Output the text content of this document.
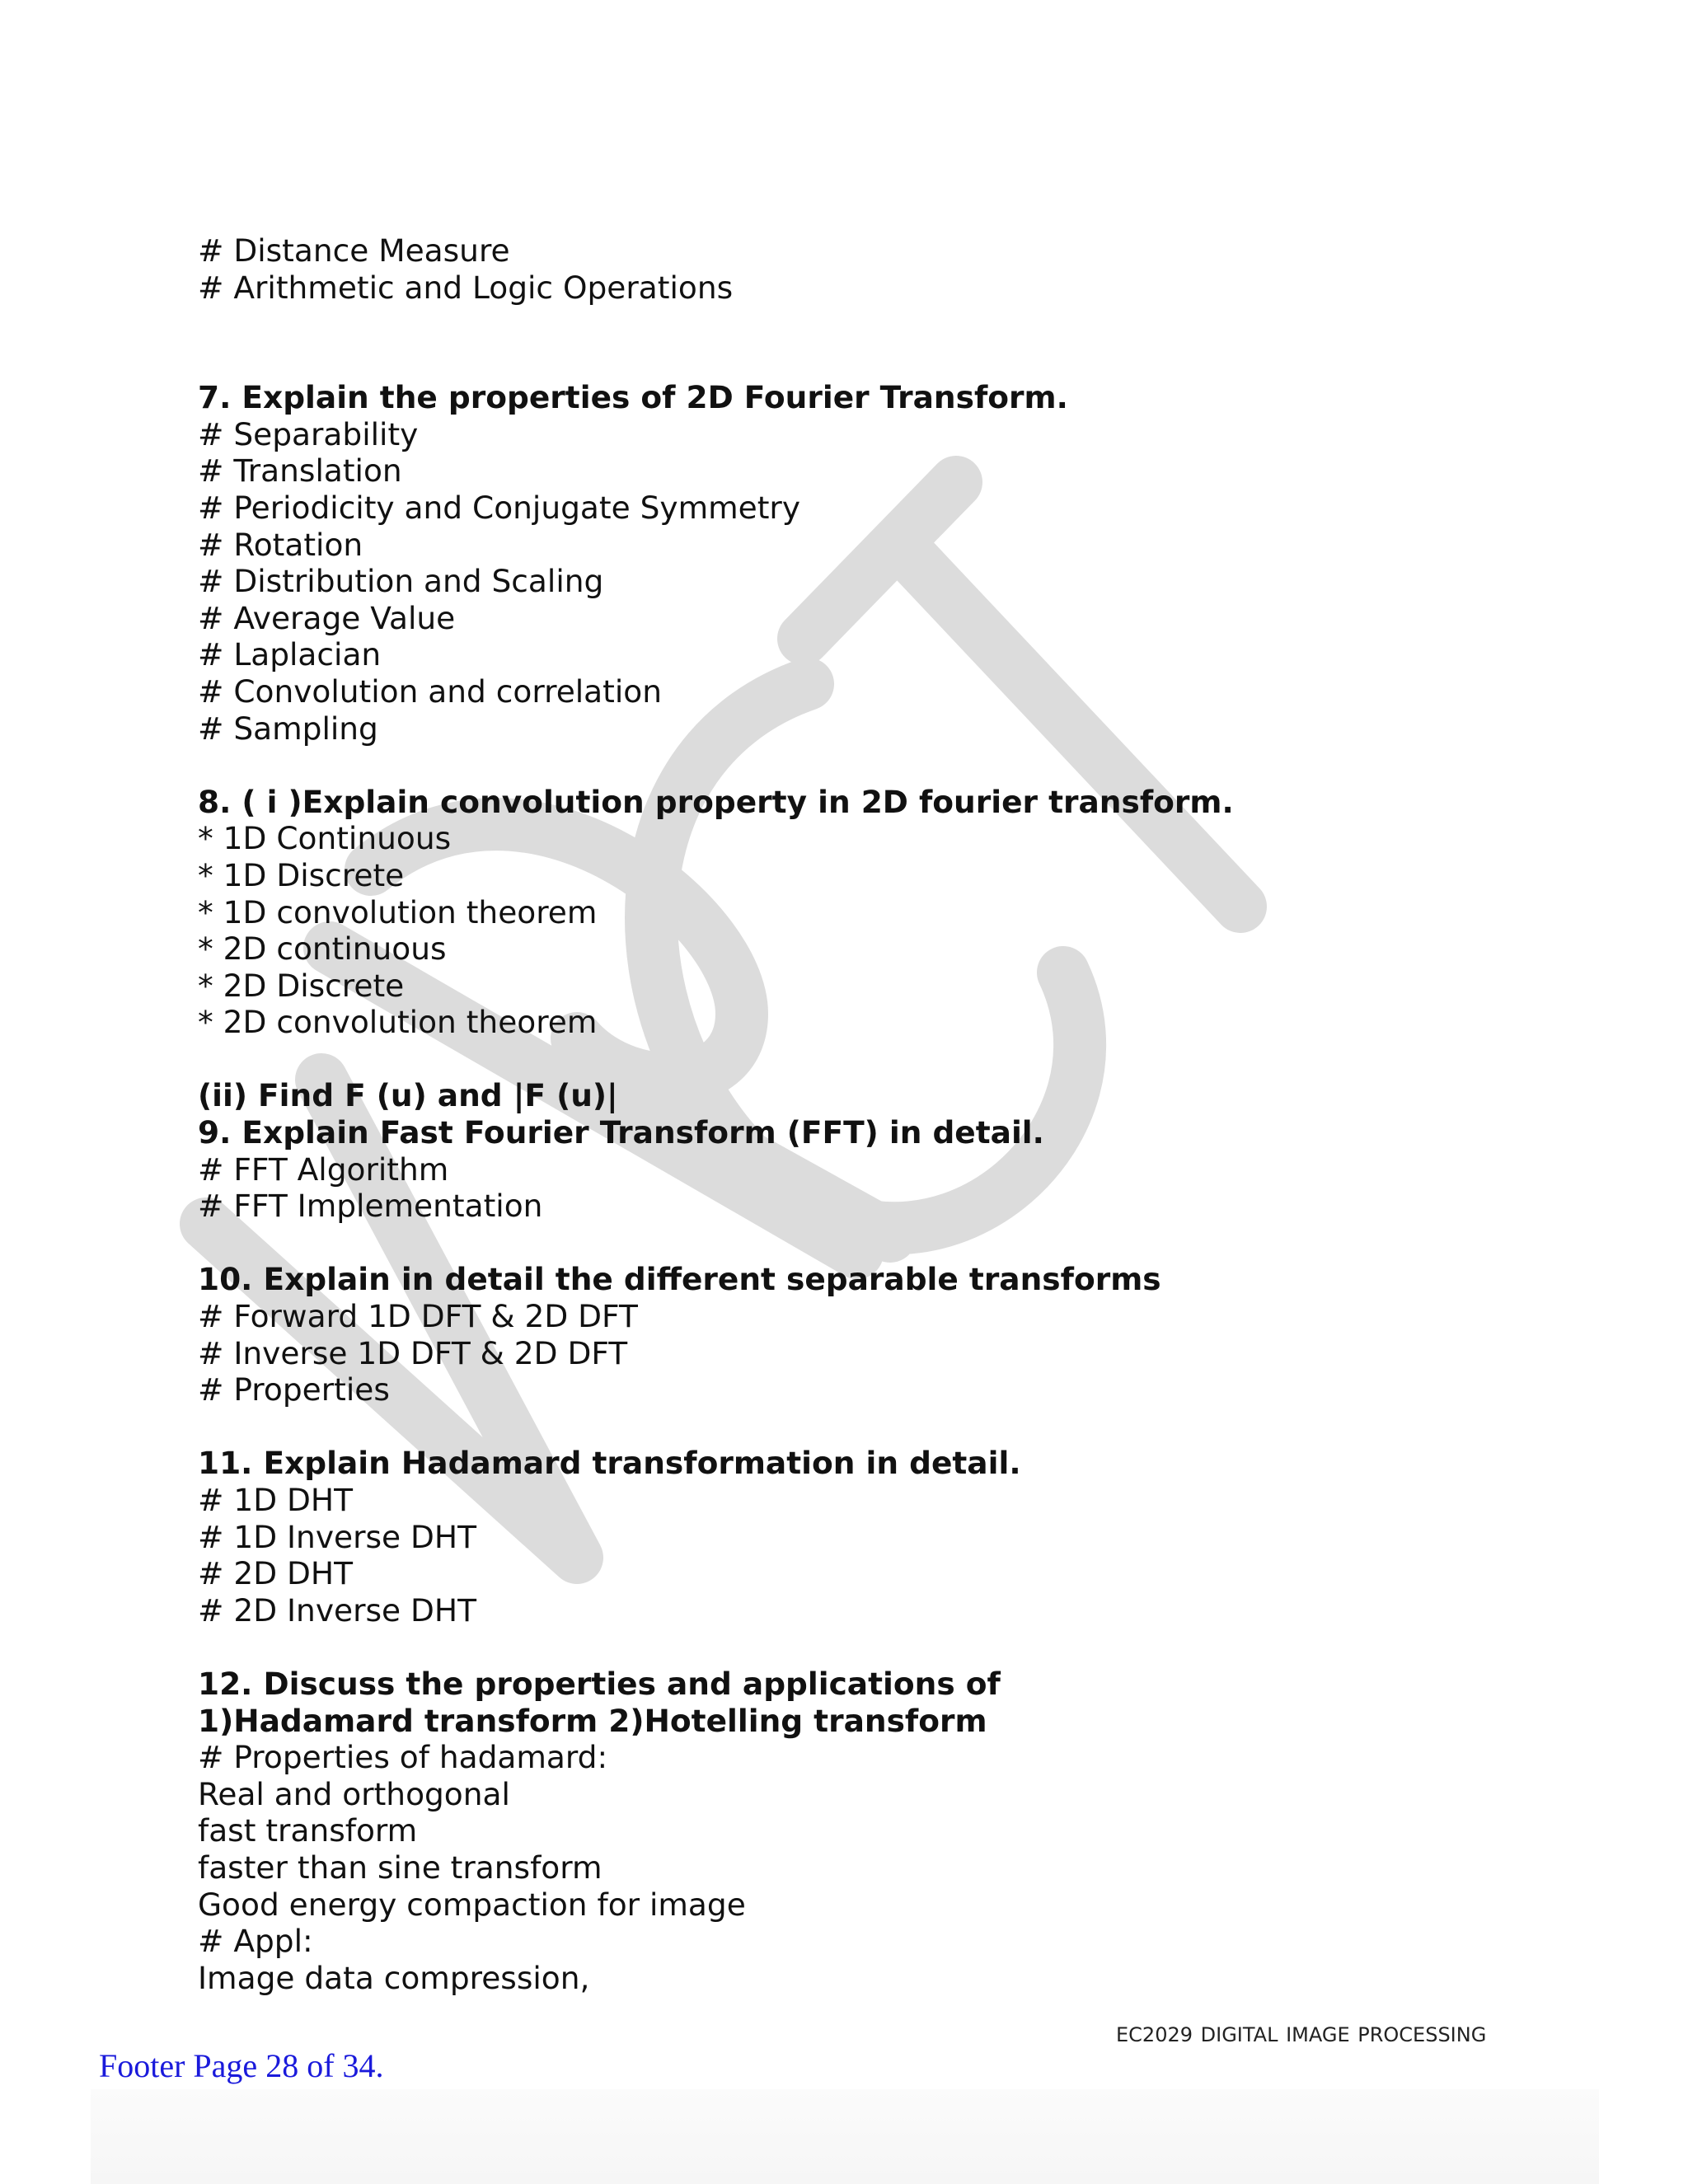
# Distance Measure
# Arithmetic and Logic Operations
7. Explain the properties of 2D Fourier Transform.
# Separability
# Translation
# Periodicity and Conjugate Symmetry
# Rotation
# Distribution and Scaling
# Average Value
# Laplacian
# Convolution and correlation
# Sampling
8. ( i )Explain convolution property in 2D fourier transform.
* 1D Continuous
* 1D Discrete
* 1D convolution theorem
* 2D continuous
* 2D Discrete
* 2D convolution theorem
(ii) Find F (u) and |F (u)|
9. Explain Fast Fourier Transform (FFT) in detail.
# FFT Algorithm
# FFT Implementation
10. Explain in detail the different separable transforms
# Forward 1D DFT & 2D DFT
# Inverse 1D DFT & 2D DFT
# Properties
11. Explain Hadamard transformation in detail.
# 1D DHT
# 1D Inverse DHT
# 2D DHT
# 2D Inverse DHT
12. Discuss the properties and applications of
1)Hadamard transform 2)Hotelling transform
# Properties of hadamard:
Real and orthogonal
fast transform
faster than sine transform
Good energy compaction for image
# Appl:
Image data compression,
EC2029 DIGITAL IMAGE PROCESSING
Footer Page 28 of 34.
